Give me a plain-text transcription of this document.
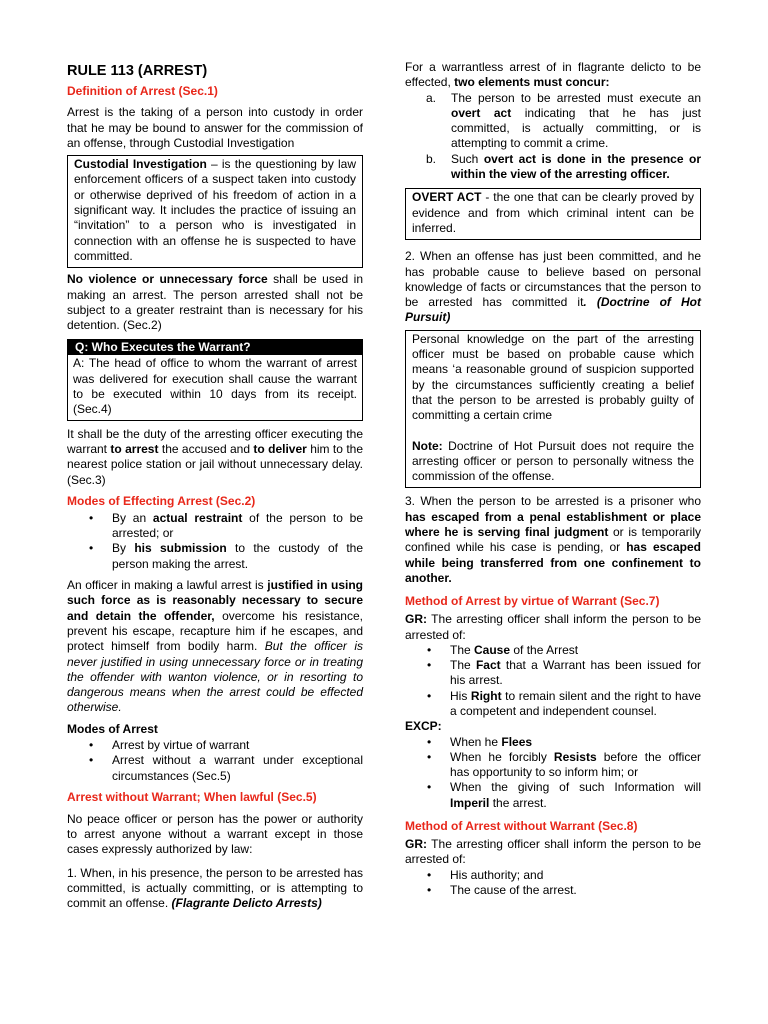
RULE 113 (ARREST)

Definition of Arrest (Sec.1)

Arrest is the taking of a person into custody in order that he may be bound to answer for the commission of an offense, through Custodial Investigation

Custodial Investigation – is the questioning by law enforcement officers of a suspect taken into custody or otherwise deprived of his freedom of action in a significant way. It includes the practice of issuing an “invitation” to a person who is investigated in connection with an offense he is suspected to have committed.

No violence or unnecessary force shall be used in making an arrest. The person arrested shall not be subject to a greater restraint than is necessary for his detention. (Sec.2)

Q: Who Executes the Warrant?

A: The head of office to whom the warrant of arrest was delivered for execution shall cause the warrant to be executed within 10 days from its receipt. (Sec.4)

It shall be the duty of the arresting officer executing the warrant to arrest the accused and to deliver him to the nearest police station or jail without unnecessary delay. (Sec.3)

Modes of Effecting Arrest (Sec.2)

• By an actual restraint of the person to be arrested; or
• By his submission to the custody of the person making the arrest.

An officer in making a lawful arrest is justified in using such force as is reasonably necessary to secure and detain the offender, overcome his resistance, prevent his escape, recapture him if he escapes, and protect himself from bodily harm. But the officer is never justified in using unnecessary force or in treating the offender with wanton violence, or in resorting to dangerous means when the arrest could be effected otherwise.

Modes of Arrest

• Arrest by virtue of warrant
• Arrest without a warrant under exceptional circumstances (Sec.5)

Arrest without Warrant; When lawful (Sec.5)

No peace officer or person has the power or authority to arrest anyone without a warrant except in those cases expressly authorized by law:

1. When, in his presence, the person to be arrested has committed, is actually committing, or is attempting to commit an offense. (Flagrante Delicto Arrests)

For a warrantless arrest of in flagrante delicto to be effected, two elements must concur:

a. The person to be arrested must execute an overt act indicating that he has just committed, is actually committing, or is attempting to commit a crime.
b. Such overt act is done in the presence or within the view of the arresting officer.

OVERT ACT - the one that can be clearly proved by evidence and from which criminal intent can be inferred.

2. When an offense has just been committed, and he has probable cause to believe based on personal knowledge of facts or circumstances that the person to be arrested has committed it. (Doctrine of Hot Pursuit)

Personal knowledge on the part of the arresting officer must be based on probable cause which means ‘a reasonable ground of suspicion supported by the circumstances sufficiently creating a belief that the person to be arrested is probably guilty of committing a certain crime

Note: Doctrine of Hot Pursuit does not require the arresting officer or person to personally witness the commission of the offense.

3. When the person to be arrested is a prisoner who has escaped from a penal establishment or place where he is serving final judgment or is temporarily confined while his case is pending, or has escaped while being transferred from one confinement to another.

Method of Arrest by virtue of Warrant (Sec.7)

GR: The arresting officer shall inform the person to be arrested of:

• The Cause of the Arrest
• The Fact that a Warrant has been issued for his arrest.
• His Right to remain silent and the right to have a competent and independent counsel.

EXCP:

• When he Flees
• When he forcibly Resists before the officer has opportunity to so inform him; or
• When the giving of such Information will Imperil the arrest.

Method of Arrest without Warrant (Sec.8)

GR: The arresting officer shall inform the person to be arrested of:

• His authority; and
• The cause of the arrest.
